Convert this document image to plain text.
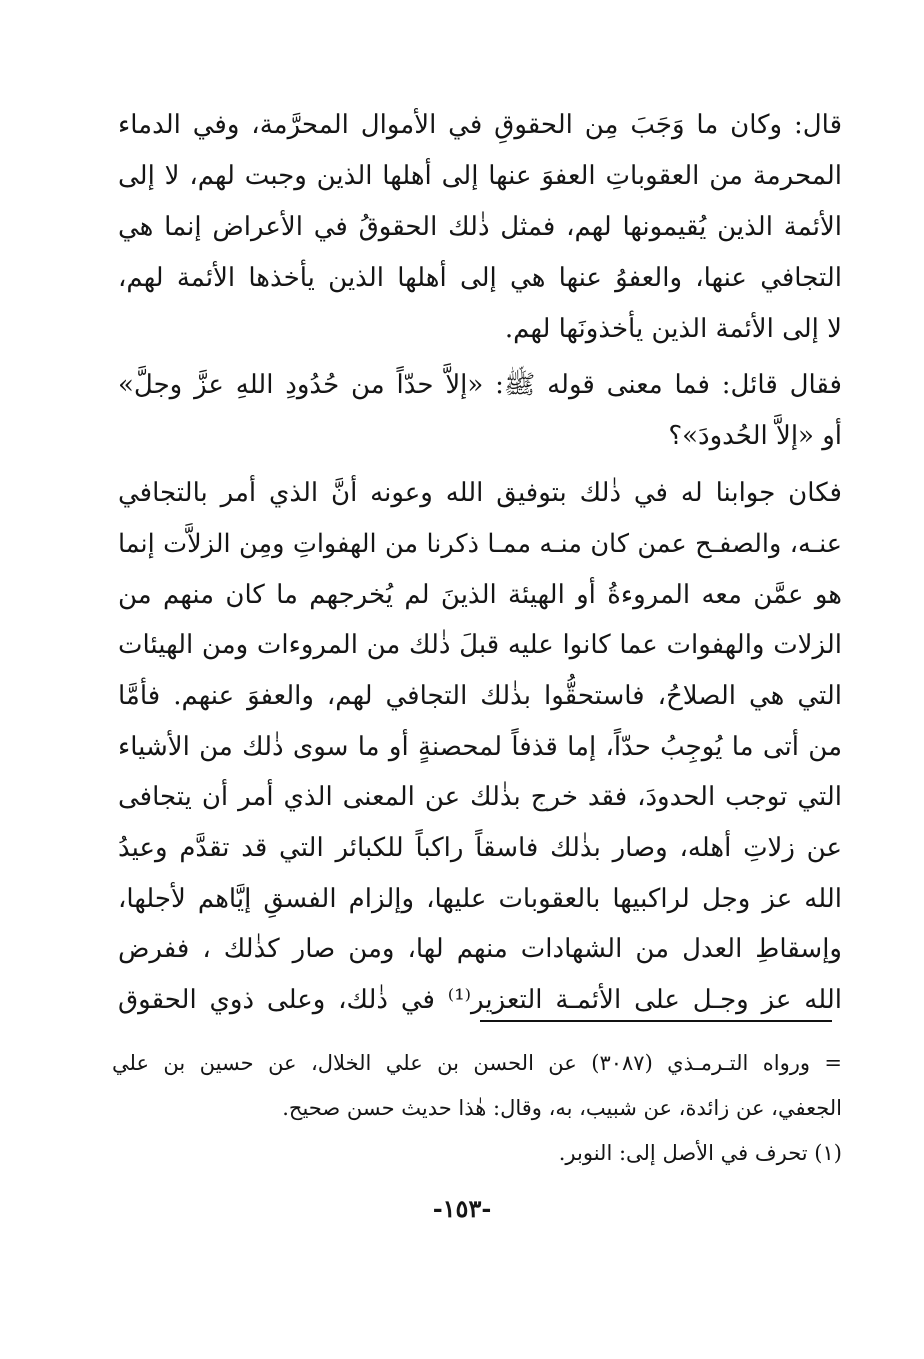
قال: وكان ما وَجَبَ مِن الحقوقِ في الأموال المحرَّمة، وفي الدماء
المحرمة من العقوباتِ العفوَ عنها إلى أهلها الذين وجبت لهم، لا إلى
الأئمة الذين يُقيمونها لهم، فمثل ذٰلك الحقوقُ في الأعراض إنما هي
التجافي عنها، والعفوُ عنها هي إلى أهلها الذين يأخذها الأئمة لهم،
لا إلى الأئمة الذين يأخذونَها لهم.
فقال قائل: فما معنى قوله ﷺ: «إلاَّ حدّاً من حُدُودِ اللهِ عزَّ وجلَّ»
أو «إلاَّ الحُدودَ»؟
فكان جوابنا له في ذٰلك بتوفيق الله وعونه أنَّ الذي أمر بالتجافي
عنـه، والصفـح عمن كان منـه ممـا ذكرنا من الهفواتِ ومِن الزلاَّت إنما
هو عمَّن معه المروءةُ أو الهيئة الذينَ لم يُخرجهم ما كان منهم من
الزلات والهفوات عما كانوا عليه قبلَ ذٰلك من المروءات ومن الهيئات
التي هي الصلاحُ، فاستحقُّوا بذٰلك التجافي لهم، والعفوَ عنهم. فأمَّا
من أتى ما يُوجِبُ حدّاً، إما قذفاً لمحصنةٍ أو ما سوى ذٰلك من الأشياء
التي توجب الحدودَ، فقد خرج بذٰلك عن المعنى الذي أمر أن يتجافى
عن زلاتِ أهله، وصار بذٰلك فاسقاً راكباً للكبائر التي قد تقدَّم وعيدُ
الله عز وجل لراكبيها بالعقوبات عليها، وإلزام الفسقِ إيَّاهم لأجلها،
وإسقاطِ العدل من الشهادات منهم لها، ومن صار كذٰلك ، ففرض
الله عز وجـل على الأئمـة التعزير⁽¹⁾ في ذٰلك، وعلى ذوي الحقوق
= ورواه التـرمـذي (٣٠٨٧) عن الحسن بن علي الخلال، عن حسين بن علي
الجعفي، عن زائدة، عن شبيب، به، وقال: هٰذا حديث حسن صحيح.
(١) تحرف في الأصل إلى: النوبر.
-١٥٣-
